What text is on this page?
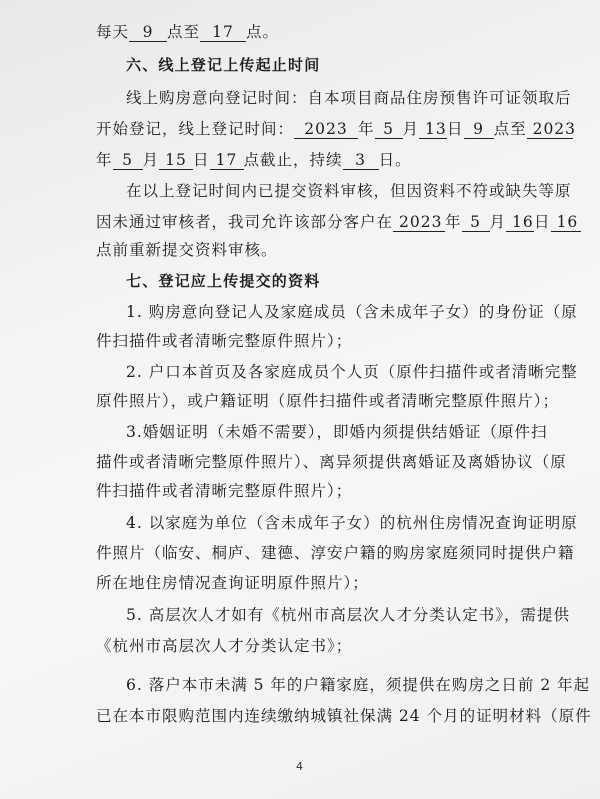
每天 9 点至 17 点。
六、线上登记上传起止时间
线上购房意向登记时间：自本项目商品住房预售许可证领取后
开始登记，线上登记时间： 2023 年 5 月 13日 9 点至 2023
年 5 月 15 日 17 点截止，持续 3 日。
在以上登记时间内已提交资料审核，但因资料不符或缺失等原
因未通过审核者，我司允许该部分客户在 2023 年 5 月 16日 16
点前重新提交资料审核。
七、登记应上传提交的资料
1. 购房意向登记人及家庭成员（含未成年子女）的身份证（原
件扫描件或者清晰完整原件照片）；
2. 户口本首页及各家庭成员个人页（原件扫描件或者清晰完整
原件照片），或户籍证明（原件扫描件或者清晰完整原件照片）；
3.婚姻证明（未婚不需要），即婚内须提供结婚证（原件扫
描件或者清晰完整原件照片）、离异须提供离婚证及离婚协议（原
件扫描件或者清晰完整原件照片）；
4. 以家庭为单位（含未成年子女）的杭州住房情况查询证明原
件照片（临安、桐庐、建德、淳安户籍的购房家庭须同时提供户籍
所在地住房情况查询证明原件照片）；
5. 高层次人才如有《杭州市高层次人才分类认定书》，需提供
《杭州市高层次人才分类认定书》；
6. 落户本市未满 5 年的户籍家庭，须提供在购房之日前 2 年起
已在本市限购范围内连续缴纳城镇社保满 24 个月的证明材料（原件
4
